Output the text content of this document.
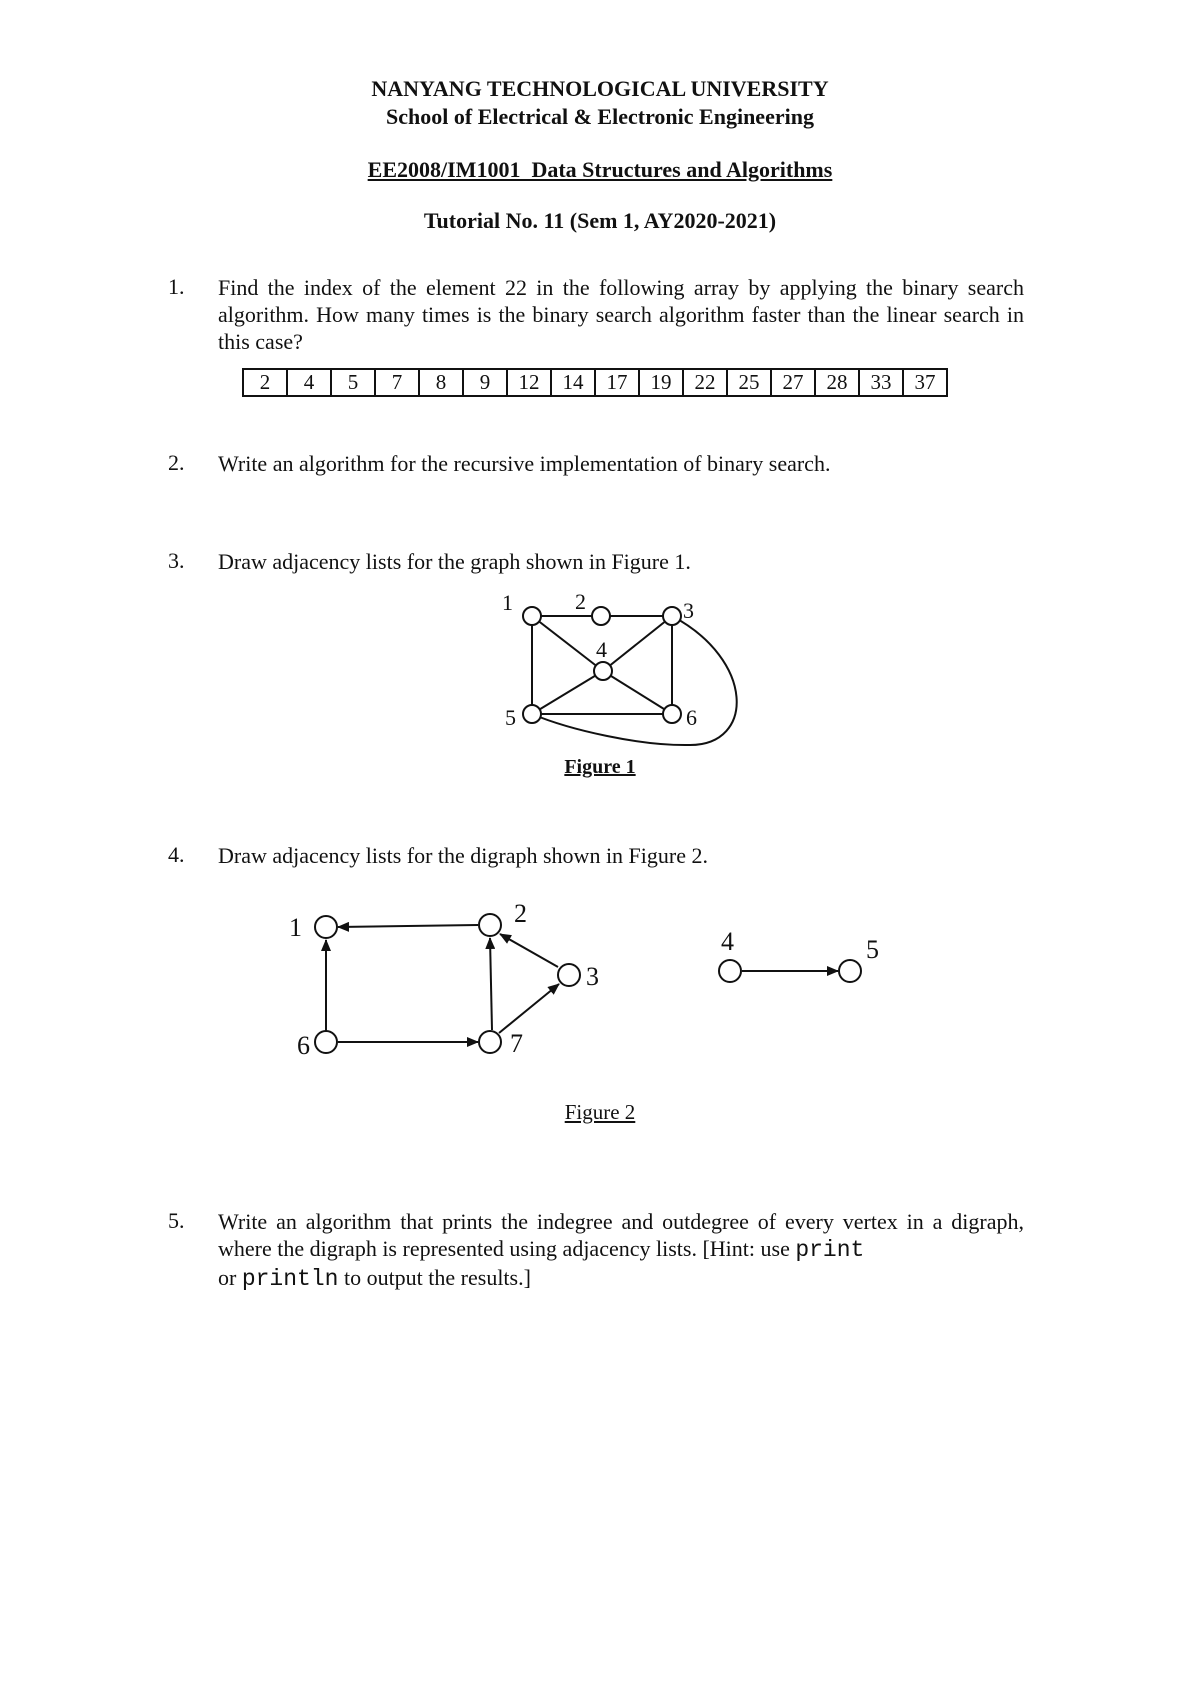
NANYANG TECHNOLOGICAL UNIVERSITY
School of Electrical & Electronic Engineering
EE2008/IM1001  Data Structures and Algorithms
Tutorial No. 11 (Sem 1, AY2020-2021)
1. Find the index of the element 22 in the following array by applying the binary search algorithm. How many times is the binary search algorithm faster than the linear search in this case?
2	4	5	7	8	9	12	14	17	19	22	25	27	28	33	37
2. Write an algorithm for the recursive implementation of binary search.
3. Draw adjacency lists for the graph shown in Figure 1.
1	2	3
4
5	6
Figure 1
4. Draw adjacency lists for the digraph shown in Figure 2.
1	2
3
4	5
6	7
Figure 2
5. Write an algorithm that prints the indegree and outdegree of every vertex in a digraph, where the digraph is represented using adjacency lists. [Hint: use print
or println to output the results.]
